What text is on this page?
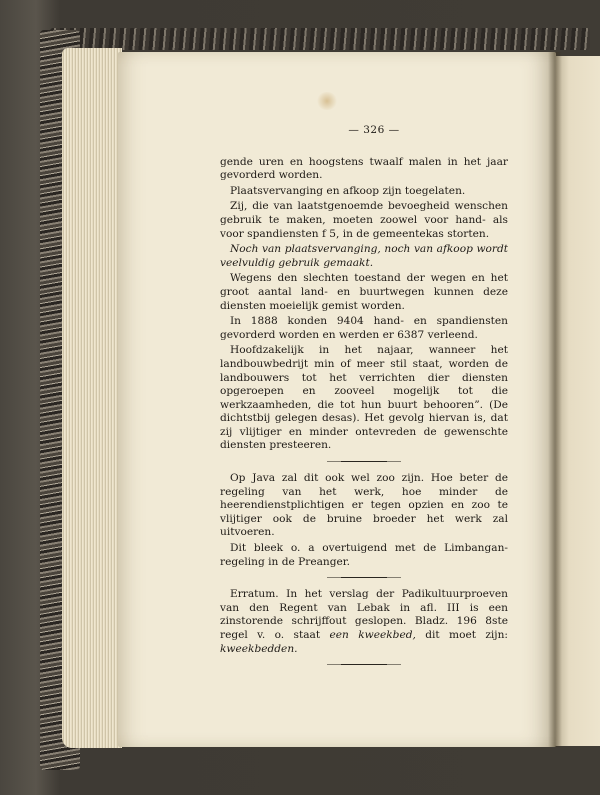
— 326 —

gende uren en hoogstens twaalf malen in het jaar gevorderd worden.

Plaatsvervanging en afkoop zijn toegelaten.

Zij, die van laatstgenoemde bevoegheid wenschen gebruik te maken, moeten zoowel voor hand- als voor spandiensten f 5, in de gemeentekas storten.

Noch van plaatsvervanging, noch van afkoop wordt veelvuldig gebruik gemaakt.

Wegens den slechten toestand der wegen en het groot aantal land- en buurtwegen kunnen deze diensten moeielijk gemist worden.

In 1888 konden 9404 hand- en spandiensten gevorderd worden en werden er 6387 verleend.

Hoofdzakelijk in het najaar, wanneer het landbouwbedrijt min of meer stil staat, worden de landbouwers tot het verrichten dier diensten opgeroepen en zooveel mogelijk tot die werkzaamheden, die tot hun buurt behooren”. (De dichtstbij gelegen desas). Het gevolg hiervan is, dat zij vlijtiger en minder ontevreden de gewenschte diensten presteeren.

Op Java zal dit ook wel zoo zijn. Hoe beter de regeling van het werk, hoe minder de heerendienstplichtigen er tegen opzien en zoo te vlijtiger ook de bruine broeder het werk zal uitvoeren.

Dit bleek o. a overtuigend met de Limbangan-regeling in de Preanger.

Erratum. In het verslag der Padikultuurproeven van den Regent van Lebak in afl. III is een zinstorende schrijffout geslopen. Bladz. 196 8ste regel v. o. staat een kweekbed, dit moet zijn: kweekbedden.
